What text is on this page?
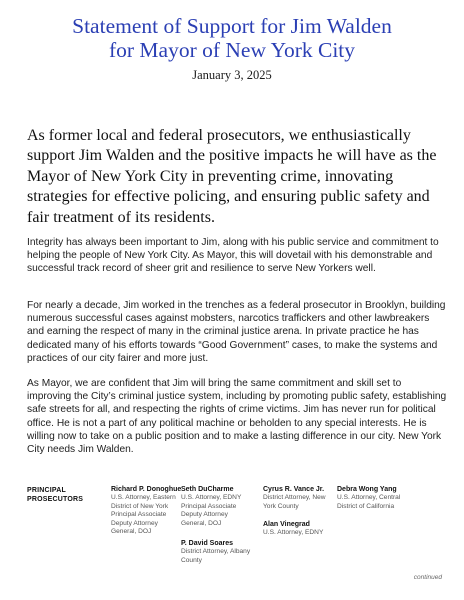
Statement of Support for Jim Walden
for Mayor of New York City
January 3, 2025
As former local and federal prosecutors, we enthusiastically support Jim Walden and the positive impacts he will have as the Mayor of New York City in preventing crime, innovating strategies for effective policing, and ensuring public safety and fair treatment of its residents.
Integrity has always been important to Jim, along with his public service and commitment to helping the people of New York City. As Mayor, this will dovetail with his demonstrable and successful track record of sheer grit and resilience to serve New Yorkers well.
For nearly a decade, Jim worked in the trenches as a federal prosecutor in Brooklyn, building numerous successful cases against mobsters, narcotics traffickers and other lawbreakers and earning the respect of many in the criminal justice arena. In private practice he has dedicated many of his efforts towards “Good Government” cases, to make the systems and practices of our city fairer and more just.
As Mayor, we are confident that Jim will bring the same commitment and skill set to improving the City’s criminal justice system, including by promoting public safety, establishing safe streets for all, and respecting the rights of crime victims. Jim has never run for political office. He is not a part of any political machine or beholden to any special interests. He is willing now to take on a public position and to make a lasting difference in our city. New York City needs Jim Walden.
PRINCIPAL
PROSECUTORS
Richard P. Donoghue
U.S. Attorney, Eastern District of New York Principal Associate Deputy Attorney General, DOJ
Seth DuCharme
U.S. Attorney, EDNY Principal Associate Deputy Attorney General, DOJ
P. David Soares
District Attorney, Albany County
Cyrus R. Vance Jr.
District Attorney, New York County
Alan Vinegrad
U.S. Attorney, EDNY
Debra Wong Yang
U.S. Attorney, Central District of California
continued
